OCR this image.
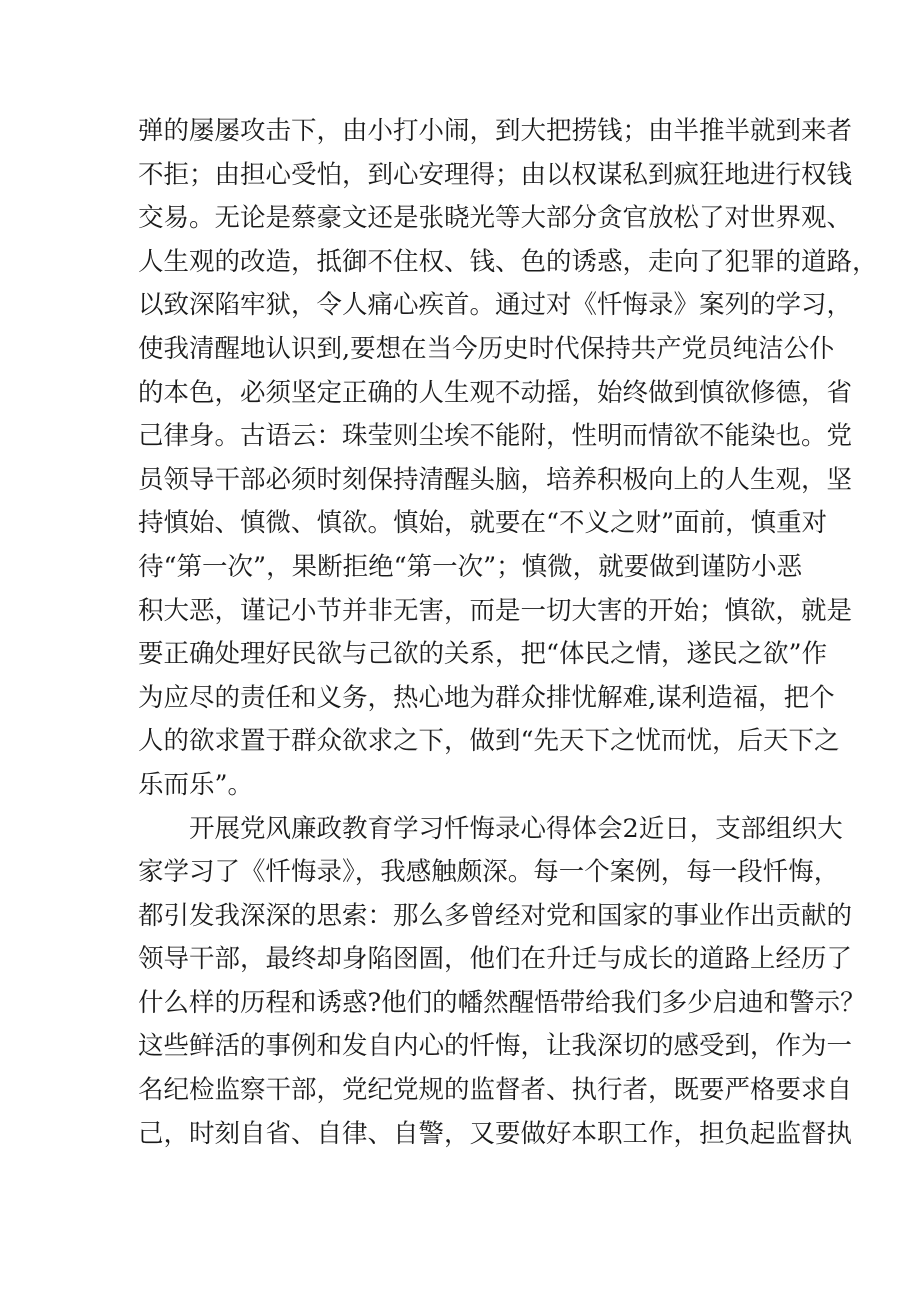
弹的屡屡攻击下，由小打小闹，到大把捞钱；由半推半就到来者
不拒；由担心受怕，到心安理得；由以权谋私到疯狂地进行权钱
交易。无论是蔡豪文还是张晓光等大部分贪官放松了对世界观、
人生观的改造，抵御不住权、钱、色的诱惑，走向了犯罪的道路，
以致深陷牢狱，令人痛心疾首。通过对《忏悔录》案列的学习，
使我清醒地认识到,要想在当今历史时代保持共产党员纯洁公仆
的本色，必须坚定正确的人生观不动摇，始终做到慎欲修德，省
己律身。古语云：珠莹则尘埃不能附，性明而情欲不能染也。党
员领导干部必须时刻保持清醒头脑，培养积极向上的人生观，坚
持慎始、慎微、慎欲。慎始，就要在“不义之财”面前，慎重对
待“第一次”，果断拒绝“第一次”；慎微，就要做到谨防小恶
积大恶，谨记小节并非无害，而是一切大害的开始；慎欲，就是
要正确处理好民欲与己欲的关系，把“体民之情，遂民之欲”作
为应尽的责任和义务，热心地为群众排忧解难,谋利造福，把个
人的欲求置于群众欲求之下，做到“先天下之忧而忧，后天下之
乐而乐”。
开展党风廉政教育学习忏悔录心得体会2近日，支部组织大
家学习了《忏悔录》，我感触颇深。每一个案例，每一段忏悔，
都引发我深深的思索：那么多曾经对党和国家的事业作出贡献的
领导干部，最终却身陷囹圄，他们在升迁与成长的道路上经历了
什么样的历程和诱惑?他们的幡然醒悟带给我们多少启迪和警示？
这些鲜活的事例和发自内心的忏悔，让我深切的感受到，作为一
名纪检监察干部，党纪党规的监督者、执行者，既要严格要求自
己，时刻自省、自律、自警，又要做好本职工作，担负起监督执
